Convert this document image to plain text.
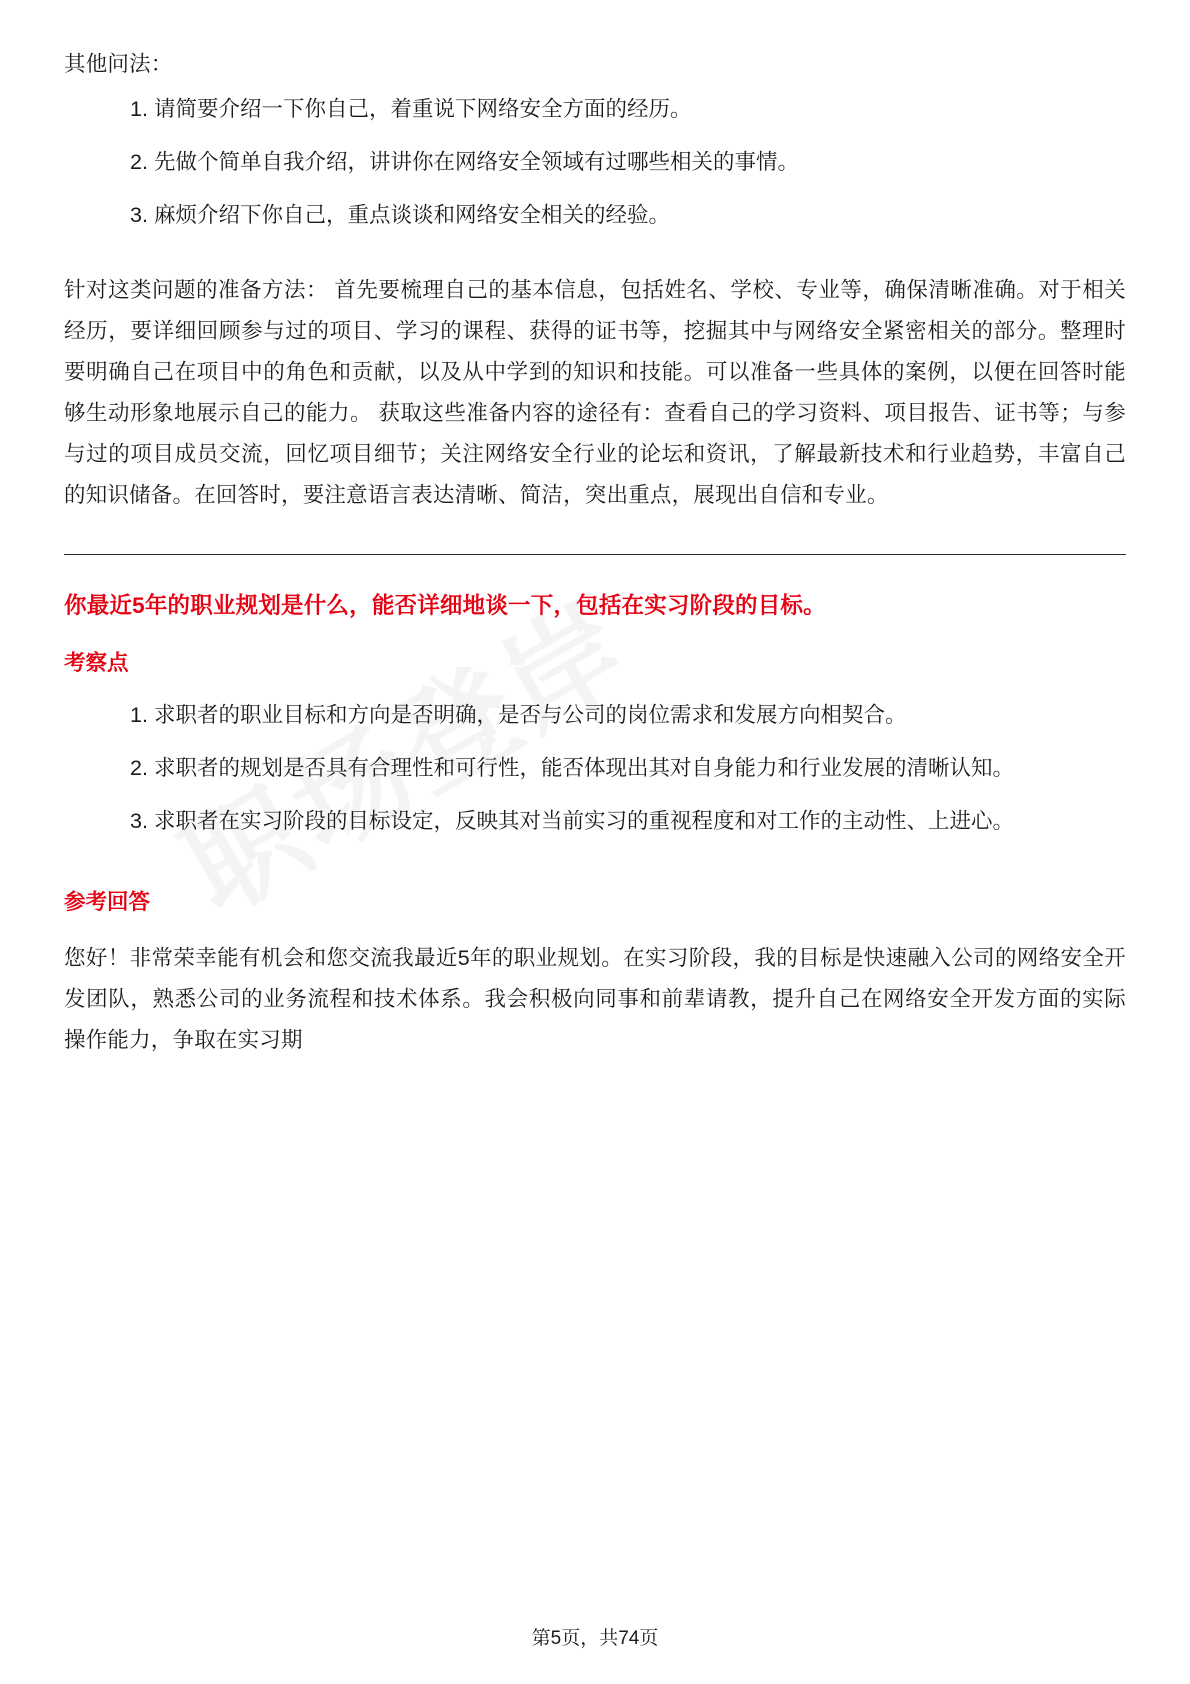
其他问法：

请简要介绍一下你自己，着重说下网络安全方面的经历。
先做个简单自我介绍，讲讲你在网络安全领域有过哪些相关的事情。
麻烦介绍下你自己，重点谈谈和网络安全相关的经验。

针对这类问题的准备方法： 首先要梳理自己的基本信息，包括姓名、学校、专业等，确保清晰准确。对于相关经历，要详细回顾参与过的项目、学习的课程、获得的证书等，挖掘其中与网络安全紧密相关的部分。整理时要明确自己在项目中的角色和贡献，以及从中学到的知识和技能。可以准备一些具体的案例，以便在回答时能够生动形象地展示自己的能力。 获取这些准备内容的途径有：查看自己的学习资料、项目报告、证书等；与参与过的项目成员交流，回忆项目细节；关注网络安全行业的论坛和资讯，了解最新技术和行业趋势，丰富自己的知识储备。在回答时，要注意语言表达清晰、简洁，突出重点，展现出自信和专业。

你最近5年的职业规划是什么，能否详细地谈一下，包括在实习阶段的目标。

考察点

求职者的职业目标和方向是否明确，是否与公司的岗位需求和发展方向相契合。
求职者的规划是否具有合理性和可行性，能否体现出其对自身能力和行业发展的清晰认知。
求职者在实习阶段的目标设定，反映其对当前实习的重视程度和对工作的主动性、上进心。

参考回答

您好！非常荣幸能有机会和您交流我最近5年的职业规划。在实习阶段，我的目标是快速融入公司的网络安全开发团队，熟悉公司的业务流程和技术体系。我会积极向同事和前辈请教，提升自己在网络安全开发方面的实际操作能力，争取在实习期

第5页，共74页
